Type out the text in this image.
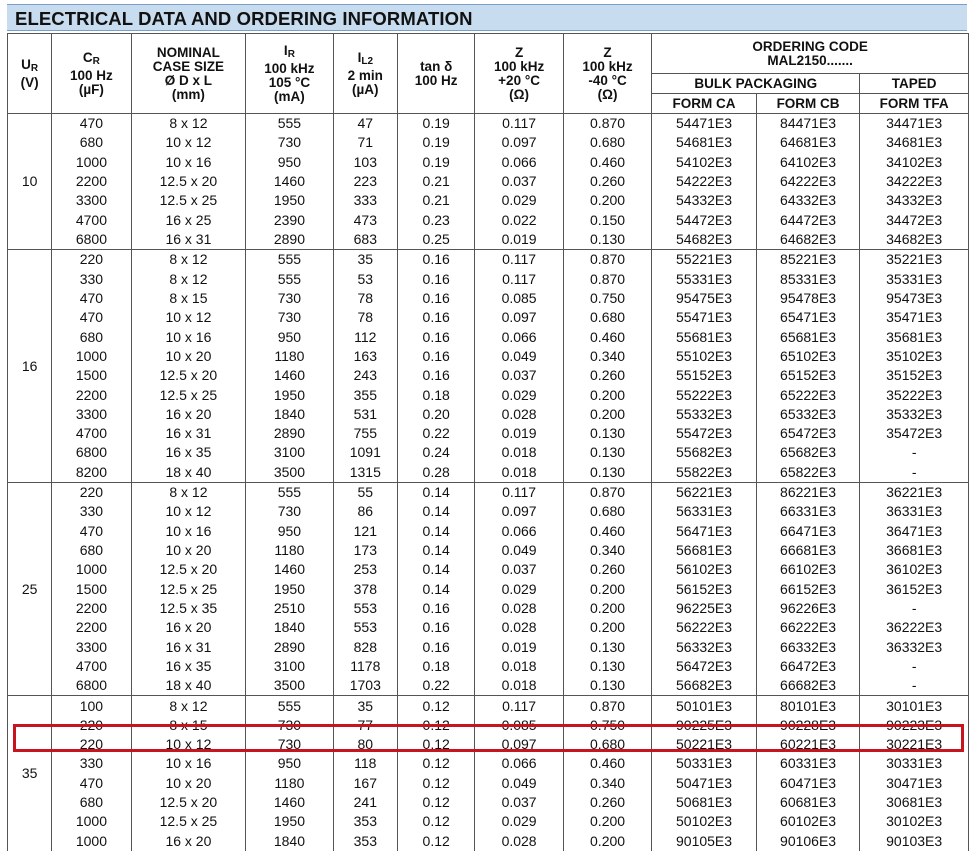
ELECTRICAL DATA AND ORDERING INFORMATION
$U_R$
(V)	$C_R$
100 Hz
(µF)	NOMINAL
CASE SIZE
Ø D x L
(mm)	$I_R$
100 kHz
105 °C
(mA)	$I_{L2}$
2 min
(µA)	tan δ
100 Hz	Z
100 kHz
+20 °C
(Ω)	Z
100 kHz
-40 °C
(Ω)	ORDERING CODE
MAL2150.......		
								BULK PACKAGING		TAPED
								FORM CA	FORM CB	FORM TFA
10	470	8 x 12	555	47	0.19	0.117	0.870	54471E3	84471E3	34471E3
	680	10 x 12	730	71	0.19	0.097	0.680	54681E3	64681E3	34681E3
	1000	10 x 16	950	103	0.19	0.066	0.460	54102E3	64102E3	34102E3
	2200	12.5 x 20	1460	223	0.21	0.037	0.260	54222E3	64222E3	34222E3
	3300	12.5 x 25	1950	333	0.21	0.029	0.200	54332E3	64332E3	34332E3
	4700	16 x 25	2390	473	0.23	0.022	0.150	54472E3	64472E3	34472E3
	6800	16 x 31	2890	683	0.25	0.019	0.130	54682E3	64682E3	34682E3
16	220	8 x 12	555	35	0.16	0.117	0.870	55221E3	85221E3	35221E3
	330	8 x 12	555	53	0.16	0.117	0.870	55331E3	85331E3	35331E3
	470	8 x 15	730	78	0.16	0.085	0.750	95475E3	95478E3	95473E3
	470	10 x 12	730	78	0.16	0.097	0.680	55471E3	65471E3	35471E3
	680	10 x 16	950	112	0.16	0.066	0.460	55681E3	65681E3	35681E3
	1000	10 x 20	1180	163	0.16	0.049	0.340	55102E3	65102E3	35102E3
	1500	12.5 x 20	1460	243	0.16	0.037	0.260	55152E3	65152E3	35152E3
	2200	12.5 x 25	1950	355	0.18	0.029	0.200	55222E3	65222E3	35222E3
	3300	16 x 20	1840	531	0.20	0.028	0.200	55332E3	65332E3	35332E3
	4700	16 x 31	2890	755	0.22	0.019	0.130	55472E3	65472E3	35472E3
	6800	16 x 35	3100	1091	0.24	0.018	0.130	55682E3	65682E3	-
	8200	18 x 40	3500	1315	0.28	0.018	0.130	55822E3	65822E3	-
25	220	8 x 12	555	55	0.14	0.117	0.870	56221E3	86221E3	36221E3
	330	10 x 12	730	86	0.14	0.097	0.680	56331E3	66331E3	36331E3
	470	10 x 16	950	121	0.14	0.066	0.460	56471E3	66471E3	36471E3
	680	10 x 20	1180	173	0.14	0.049	0.340	56681E3	66681E3	36681E3
	1000	12.5 x 20	1460	253	0.14	0.037	0.260	56102E3	66102E3	36102E3
	1500	12.5 x 25	1950	378	0.14	0.029	0.200	56152E3	66152E3	36152E3
	2200	12.5 x 35	2510	553	0.16	0.028	0.200	96225E3	96226E3	-
	2200	16 x 20	1840	553	0.16	0.028	0.200	56222E3	66222E3	36222E3
	3300	16 x 31	2890	828	0.16	0.019	0.130	56332E3	66332E3	36332E3
	4700	16 x 35	3100	1178	0.18	0.018	0.130	56472E3	66472E3	-
	6800	18 x 40	3500	1703	0.22	0.018	0.130	56682E3	66682E3	-
35	100	8 x 12	555	35	0.12	0.117	0.870	50101E3	80101E3	30101E3
	220	8 x 15	730	77	0.12	0.085	0.750	90225E3	90228E3	90223E3
	220	10 x 12	730	80	0.12	0.097	0.680	50221E3	60221E3	30221E3
	330	10 x 16	950	118	0.12	0.066	0.460	50331E3	60331E3	30331E3
	470	10 x 20	1180	167	0.12	0.049	0.340	50471E3	60471E3	30471E3
	680	12.5 x 20	1460	241	0.12	0.037	0.260	50681E3	60681E3	30681E3
	1000	12.5 x 25	1950	353	0.12	0.029	0.200	50102E3	60102E3	30102E3
	1000	16 x 20	1840	353	0.12	0.028	0.200	90105E3	90106E3	90103E3
